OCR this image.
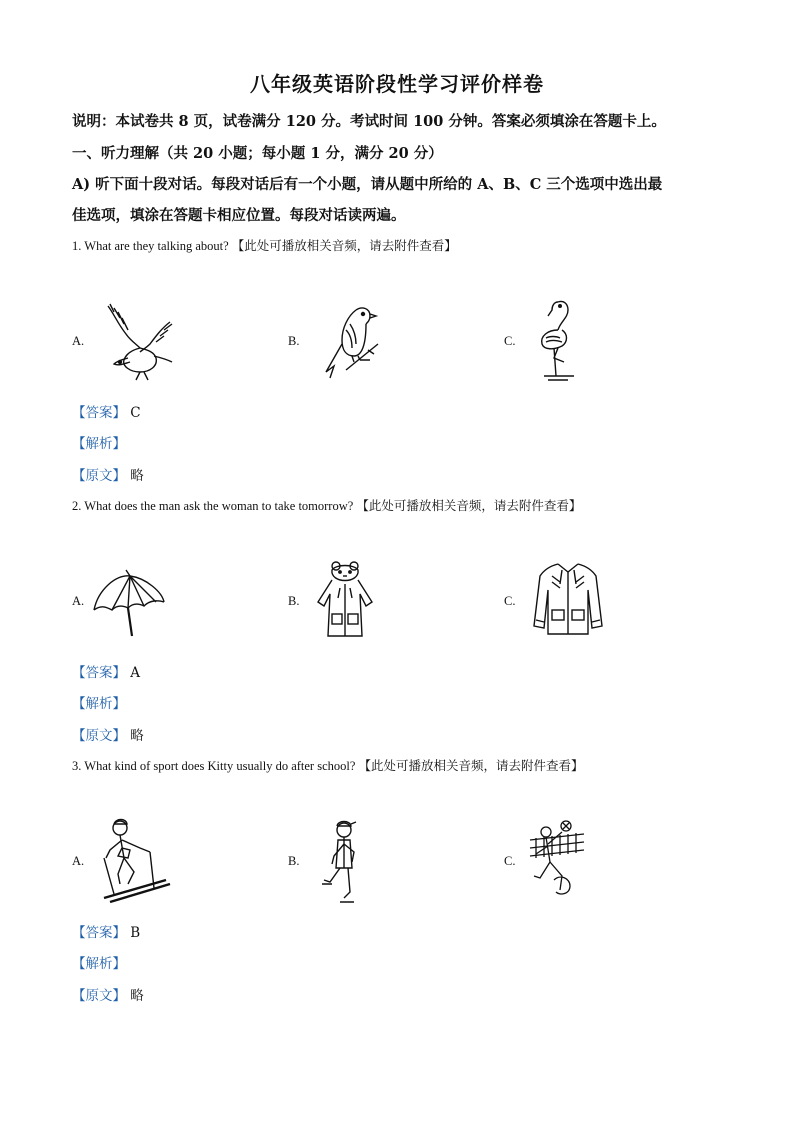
八年级英语阶段性学习评价样卷
说明：本试卷共 8 页，试卷满分 120 分。考试时间 100 分钟。答案必须填涂在答题卡上。
一、听力理解（共 20 小题；每小题 1 分，满分 20 分）
A) 听下面十段对话。每段对话后有一个小题，请从题中所给的 A、B、C 三个选项中选出最
佳选项，填涂在答题卡相应位置。每段对话读两遍。
1. What are they talking about? 【此处可播放相关音频，请去附件查看】
A.	B.	C.
【答案】 C
【解析】
【原文】 略
2. What does the man ask the woman to take tomorrow? 【此处可播放相关音频，请去附件查看】
A.	B.	C.
【答案】 A
【解析】
【原文】 略
3. What kind of sport does Kitty usually do after school? 【此处可播放相关音频，请去附件查看】
A.	B.	C.
【答案】 B
【解析】
【原文】 略
